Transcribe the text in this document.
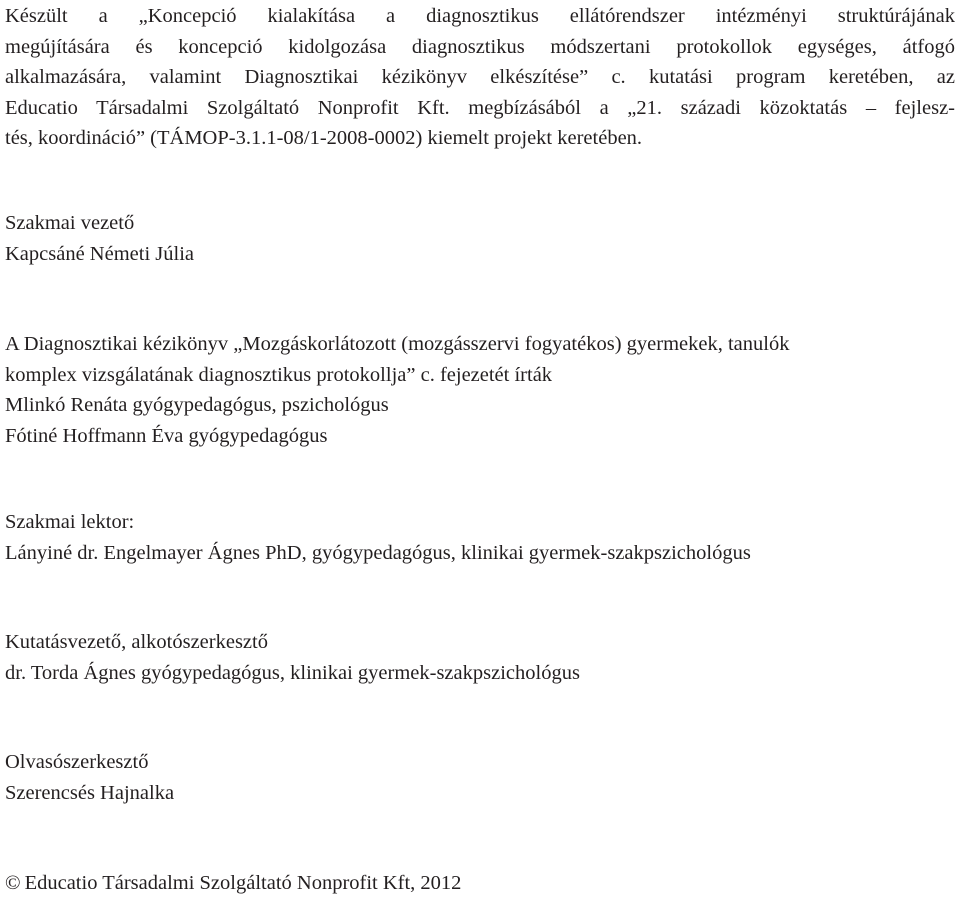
Készült a „Koncepció kialakítása a diagnosztikus ellátórendszer intézményi struktúrájának
megújítására és koncepció kidolgozása diagnosztikus módszertani protokollok egységes, átfogó
alkalmazására, valamint Diagnosztikai kézikönyv elkészítése” c. kutatási program keretében, az
Educatio Társadalmi Szolgáltató Nonprofit Kft. megbízásából a „21. századi közoktatás – fejlesz-
tés, koordináció” (TÁMOP-3.1.1-08/1-2008-0002) kiemelt projekt keretében.
Szakmai vezető
Kapcsáné Németi Júlia
A Diagnosztikai kézikönyv „Mozgáskorlátozott (mozgásszervi fogyatékos) gyermekek, tanulók
komplex vizsgálatának diagnosztikus protokollja” c. fejezetét írták
Mlinkó Renáta gyógypedagógus, pszichológus
Fótiné Hoffmann Éva gyógypedagógus
Szakmai lektor:
Lányiné dr. Engelmayer Ágnes PhD, gyógypedagógus, klinikai gyermek-szakpszichológus
Kutatásvezető, alkotószerkesztő
dr. Torda Ágnes gyógypedagógus, klinikai gyermek-szakpszichológus
Olvasószerkesztő
Szerencsés Hajnalka
© Educatio Társadalmi Szolgáltató Nonprofit Kft, 2012
